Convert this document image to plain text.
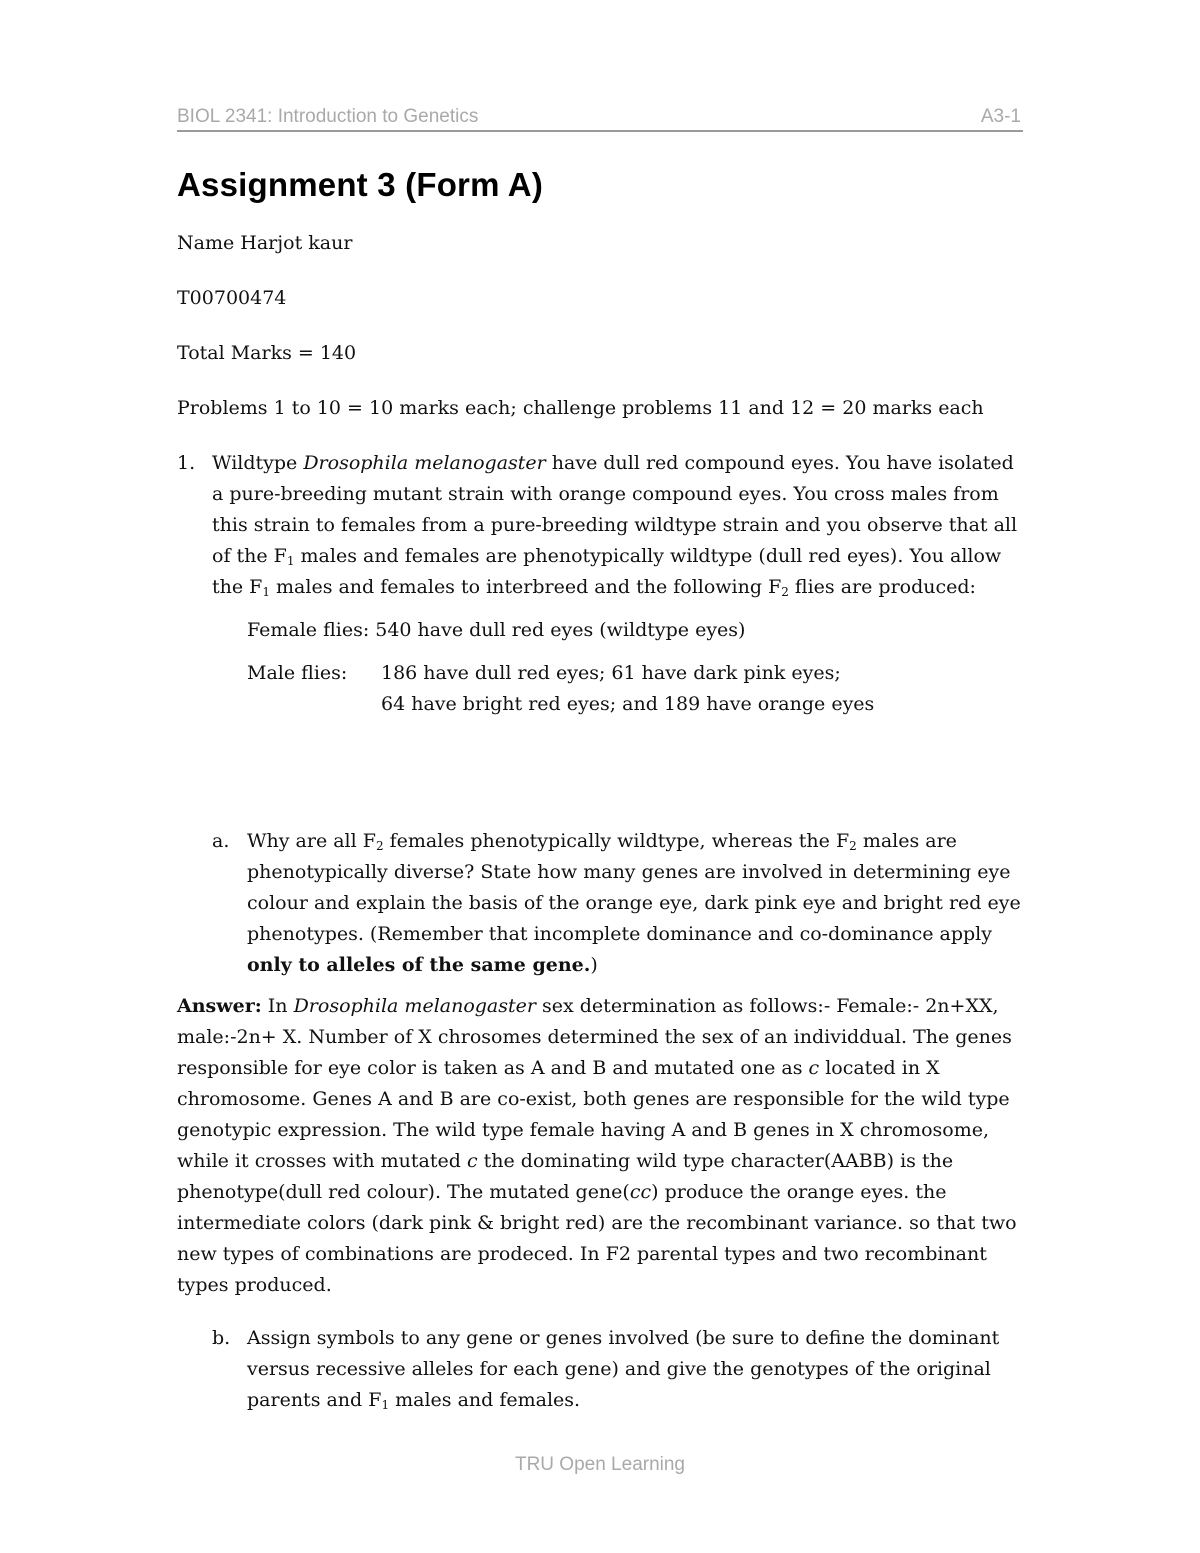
BIOL 2341: Introduction to Genetics	A3-1
Assignment 3 (Form A)

Name Harjot kaur

T00700474

Total Marks = 140

Problems 1 to 10 = 10 marks each; challenge problems 11 and 12 = 20 marks each

1. Wildtype Drosophila melanogaster have dull red compound eyes. You have isolated a pure-breeding mutant strain with orange compound eyes. You cross males from this strain to females from a pure-breeding wildtype strain and you observe that all of the $F_1$ males and females are phenotypically wildtype (dull red eyes). You allow the $F_1$ males and females to interbreed and the following $F_2$ flies are produced:
Female flies: 540 have dull red eyes (wildtype eyes)
Male flies:	186 have dull red eyes; 61 have dark pink eyes;
64 have bright red eyes; and 189 have orange eyes
a. Why are all $F_2$ females phenotypically wildtype, whereas the $F_2$ males are phenotypically diverse? State how many genes are involved in determining eye colour and explain the basis of the orange eye, dark pink eye and bright red eye phenotypes. (Remember that incomplete dominance and co-dominance apply only to alleles of the same gene.)

Answer: In Drosophila melanogaster sex determination as follows:- Female:- 2n+XX, male:-2n+ X. Number of X chrosomes determined the sex of an individdual. The genes responsible for eye color is taken as A and B and mutated one as c located in X chromosome. Genes A and B are co-exist, both genes are responsible for the wild type genotypic expression. The wild type female having A and B genes in X chromosome, while it crosses with mutated c the dominating wild type character(AABB) is the phenotype(dull red colour). The mutated gene(cc) produce the orange eyes. the intermediate colors (dark pink & bright red) are the recombinant variance. so that two new types of combinations are prodeced. In F2 parental types and two recombinant types produced.

b. Assign symbols to any gene or genes involved (be sure to define the dominant versus recessive alleles for each gene) and give the genotypes of the original parents and $F_1$ males and females.
TRU Open Learning
